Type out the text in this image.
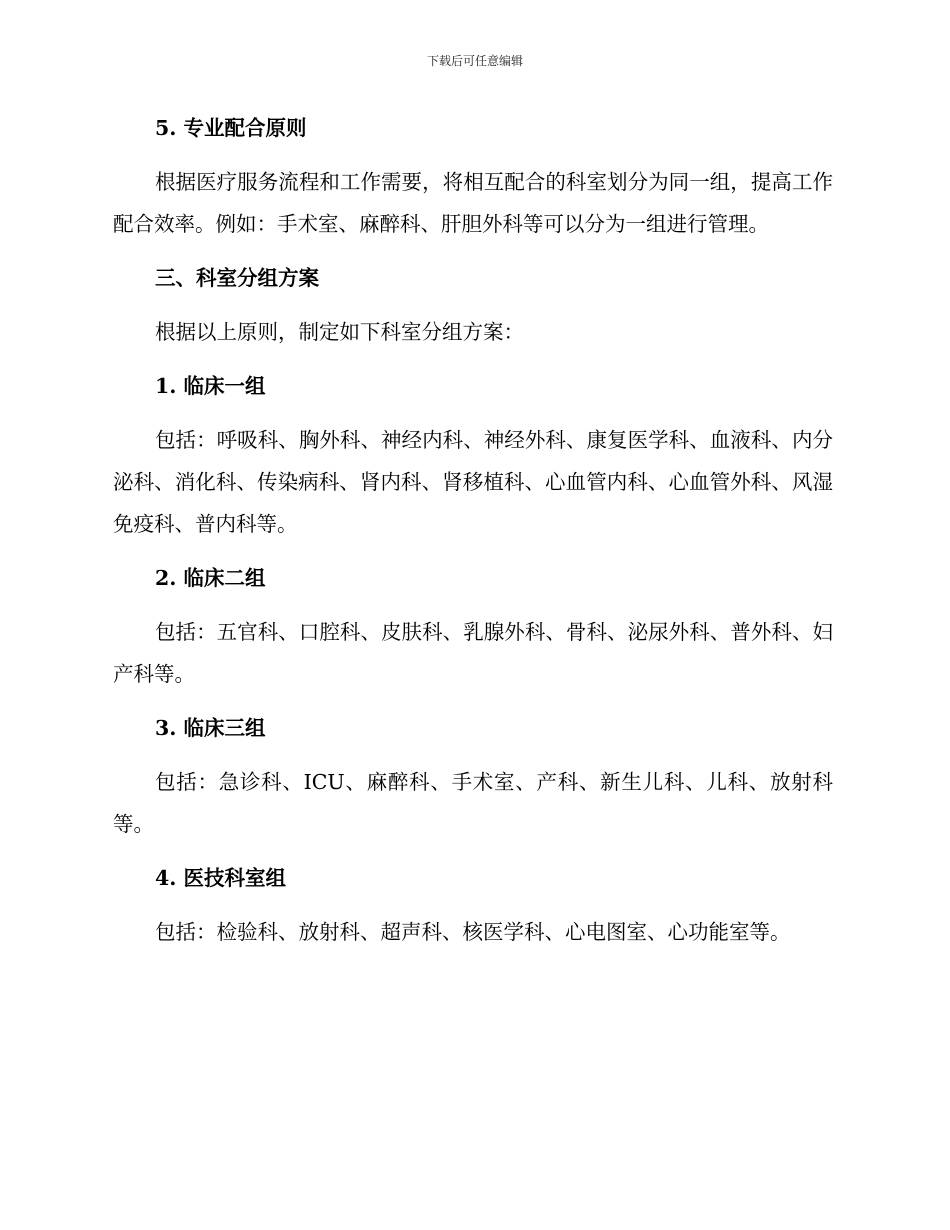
下载后可任意编辑
5. 专业配合原则
根据医疗服务流程和工作需要，将相互配合的科室划分为同一组，提高工作配合效率。例如：手术室、麻醉科、肝胆外科等可以分为一组进行管理。
三、科室分组方案
根据以上原则，制定如下科室分组方案：
1. 临床一组
包括：呼吸科、胸外科、神经内科、神经外科、康复医学科、血液科、内分泌科、消化科、传染病科、肾内科、肾移植科、心血管内科、心血管外科、风湿免疫科、普内科等。
2. 临床二组
包括：五官科、口腔科、皮肤科、乳腺外科、骨科、泌尿外科、普外科、妇产科等。
3. 临床三组
包括：急诊科、ICU、麻醉科、手术室、产科、新生儿科、儿科、放射科等。
4. 医技科室组
包括：检验科、放射科、超声科、核医学科、心电图室、心功能室等。
